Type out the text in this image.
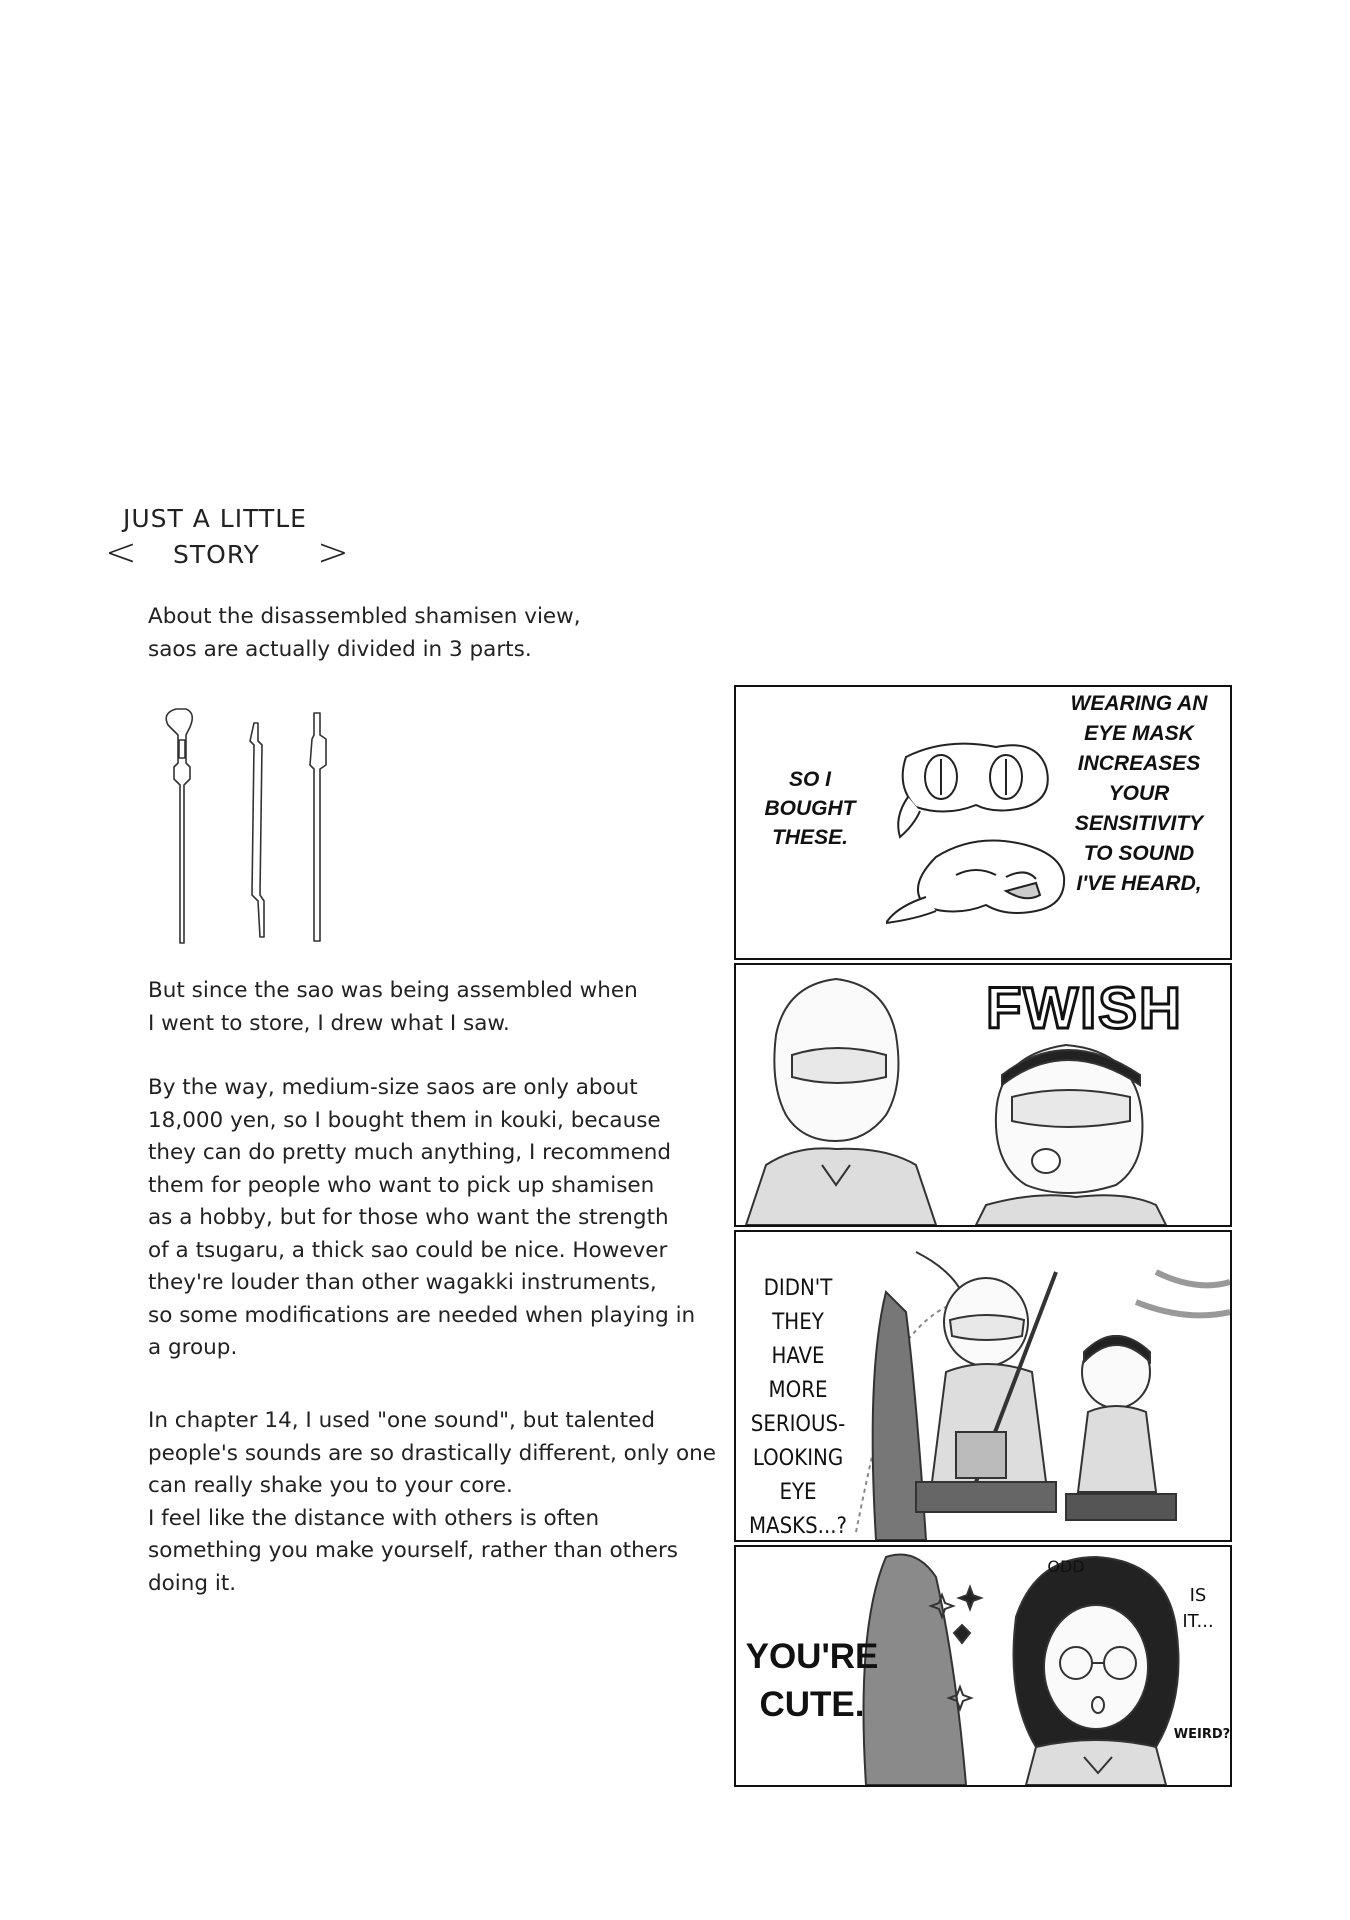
<
JUST A LITTLE
STORY >
About the disassembled shamisen view,
saos are actually divided in 3 parts.
But since the sao was being assembled when
I went to store, I drew what I saw.
By the way, medium-size saos are only about
18,000 yen, so I bought them in kouki, because
they can do pretty much anything, I recommend
them for people who want to pick up shamisen
as a hobby, but for those who want the strength
of a tsugaru, a thick sao could be nice. However
they're louder than other wagakki instruments,
so some modifications are needed when playing in
a group.
In chapter 14, I used "one sound", but talented
people's sounds are so drastically different, only one
can really shake you to your core.
I feel like the distance with others is often
something you make yourself, rather than others
doing it.
SO I
BOUGHT
THESE.
WEARING AN
EYE MASK
INCREASES
YOUR
SENSITIVITY
TO SOUND
I'VE HEARD,
FWISH
DIDN'T
THEY HAVE
MORE
SERIOUS-
LOOKING
EYE
MASKS...?
YOU'RE
CUTE.
ODD
IS
IT...
WEIRD?
